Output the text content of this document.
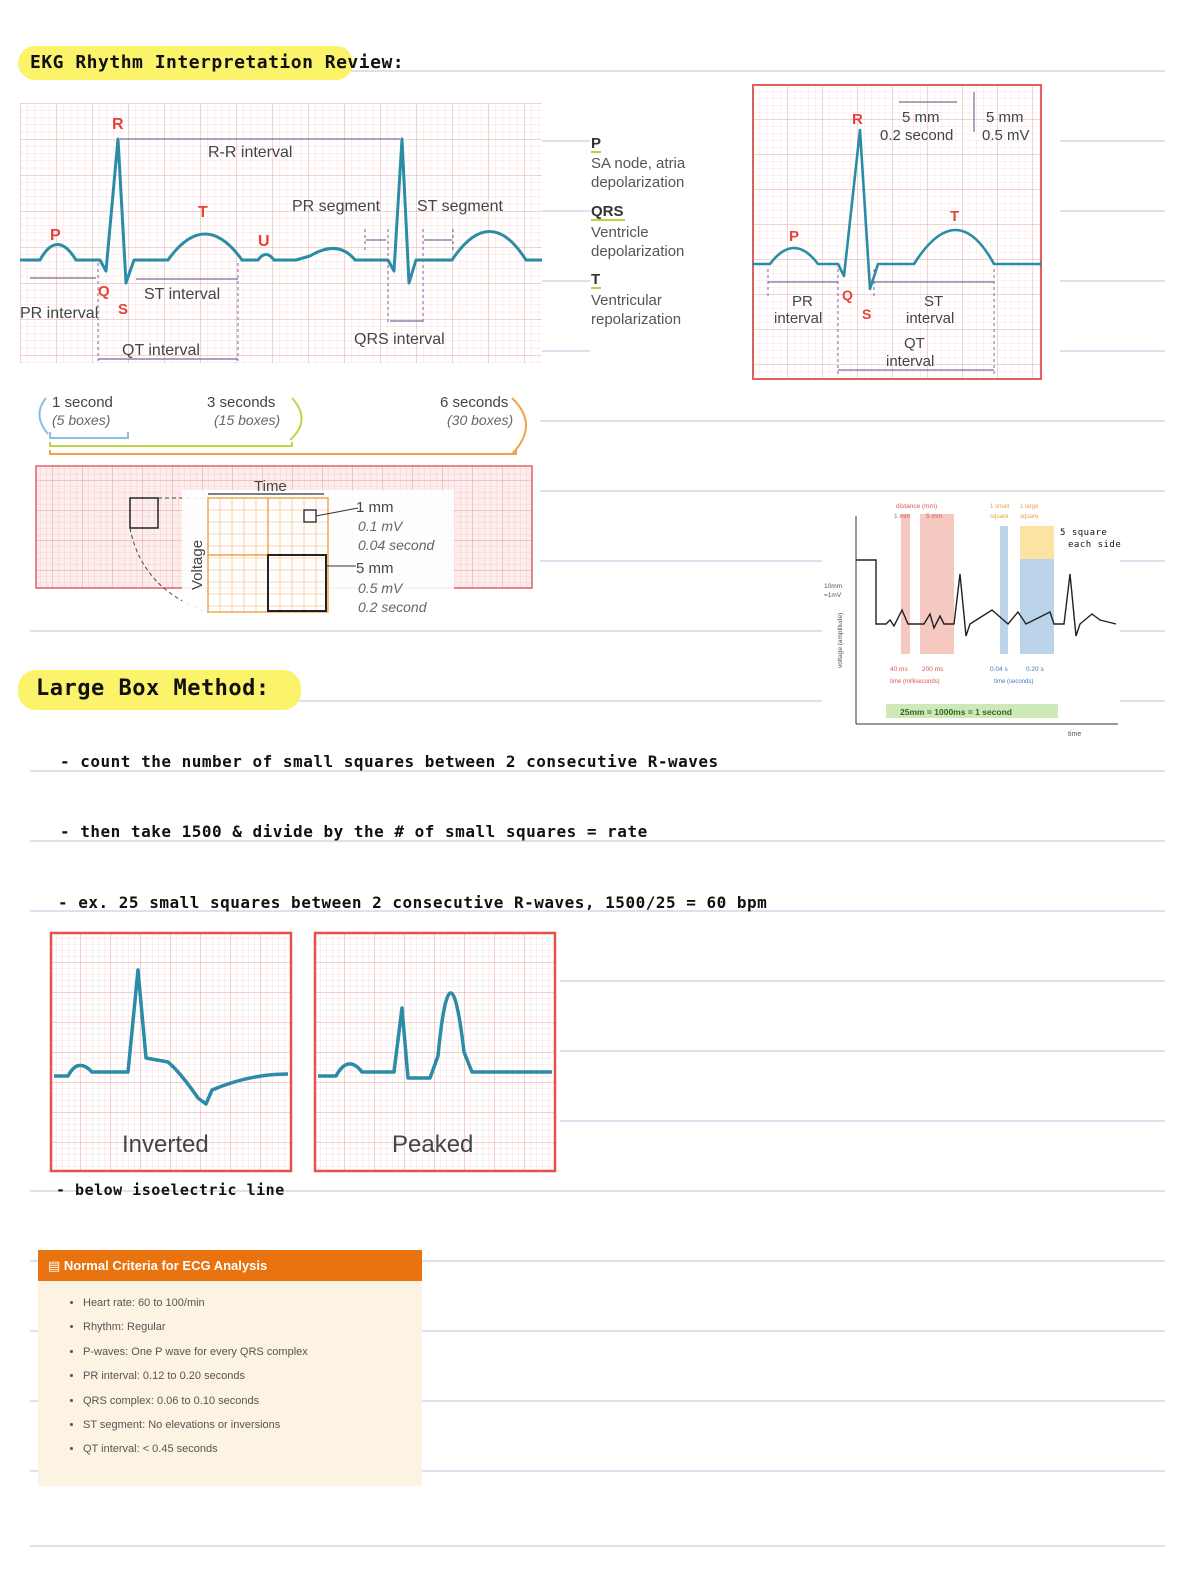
EKG Rhythm Interpretation Review:
R
P
T
U
Q
S
R-R interval
PR segment ST segment
ST interval
PR interval
QT interval
QRS interval
P
SA node, atria
depolarization
QRS
Ventricle
depolarization
T
Ventricular
repolarization
R
P
T
Q
S
5 mm
0.2 second
5 mm
0.5 mV
PR
interval
ST
interval
QT
interval
1 second
(5 boxes)
3 seconds
(15 boxes)
6 seconds
(30 boxes)
Time
Voltage
1 mm
0.1 mV
0.04 second
5 mm
0.5 mV
0.2 second
distance (mm)
1 mm 5 mm
1 small
square
1 large
square
10mm
=1mV
voltage (amplitude)
40 ms 200 ms
time (milliseconds)
0.04 s	0.20 s
time (seconds)
25mm = 1000ms = 1 second
time
5 square
each side
Large Box Method:
- count the number of small squares between 2 consecutive R-waves
- then take 1500 & divide by the # of small squares = rate
- ex. 25 small squares between 2 consecutive R-waves, 1500/25 = 60 bpm
Inverted	Peaked
- below isoelectric line
▤ Normal Criteria for ECG Analysis
• Heart rate: 60 to 100/min
• Rhythm: Regular
• P-waves: One P wave for every QRS complex
• PR interval: 0.12 to 0.20 seconds
• QRS complex: 0.06 to 0.10 seconds
• ST segment: No elevations or inversions
• QT interval: < 0.45 seconds
